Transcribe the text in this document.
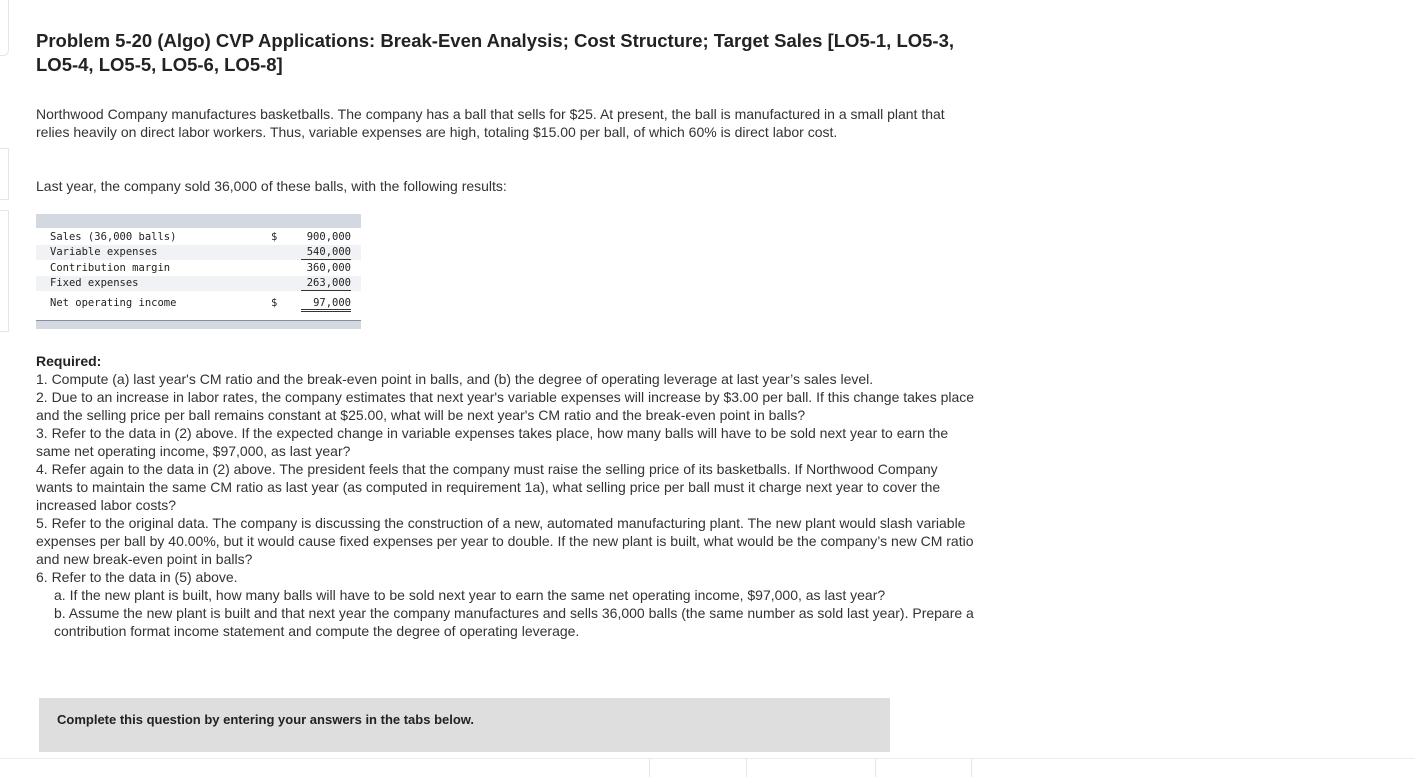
Problem 5-20 (Algo) CVP Applications: Break-Even Analysis; Cost Structure; Target Sales [LO5-1, LO5-3, LO5-4, LO5-5, LO5-6, LO5-8]

Northwood Company manufactures basketballs. The company has a ball that sells for $25. At present, the ball is manufactured in a small plant that relies heavily on direct labor workers. Thus, variable expenses are high, totaling $15.00 per ball, of which 60% is direct labor cost.

Last year, the company sold 36,000 of these balls, with the following results:

Sales (36,000 balls)	$	900,000
Variable expenses	540,000
Contribution margin	360,000
Fixed expenses	263,000
Net operating income	$	97,000
Required:
1. Compute (a) last year's CM ratio and the break-even point in balls, and (b) the degree of operating leverage at last year’s sales level.
2. Due to an increase in labor rates, the company estimates that next year's variable expenses will increase by $3.00 per ball. If this change takes place and the selling price per ball remains constant at $25.00, what will be next year's CM ratio and the break-even point in balls?
3. Refer to the data in (2) above. If the expected change in variable expenses takes place, how many balls will have to be sold next year to earn the same net operating income, $97,000, as last year?
4. Refer again to the data in (2) above. The president feels that the company must raise the selling price of its basketballs. If Northwood Company wants to maintain the same CM ratio as last year (as computed in requirement 1a), what selling price per ball must it charge next year to cover the increased labor costs?
5. Refer to the original data. The company is discussing the construction of a new, automated manufacturing plant. The new plant would slash variable expenses per ball by 40.00%, but it would cause fixed expenses per year to double. If the new plant is built, what would be the company’s new CM ratio and new break-even point in balls?
6. Refer to the data in (5) above.
a. If the new plant is built, how many balls will have to be sold next year to earn the same net operating income, $97,000, as last year?
b. Assume the new plant is built and that next year the company manufactures and sells 36,000 balls (the same number as sold last year). Prepare a contribution format income statement and compute the degree of operating leverage.
Complete this question by entering your answers in the tabs below.
